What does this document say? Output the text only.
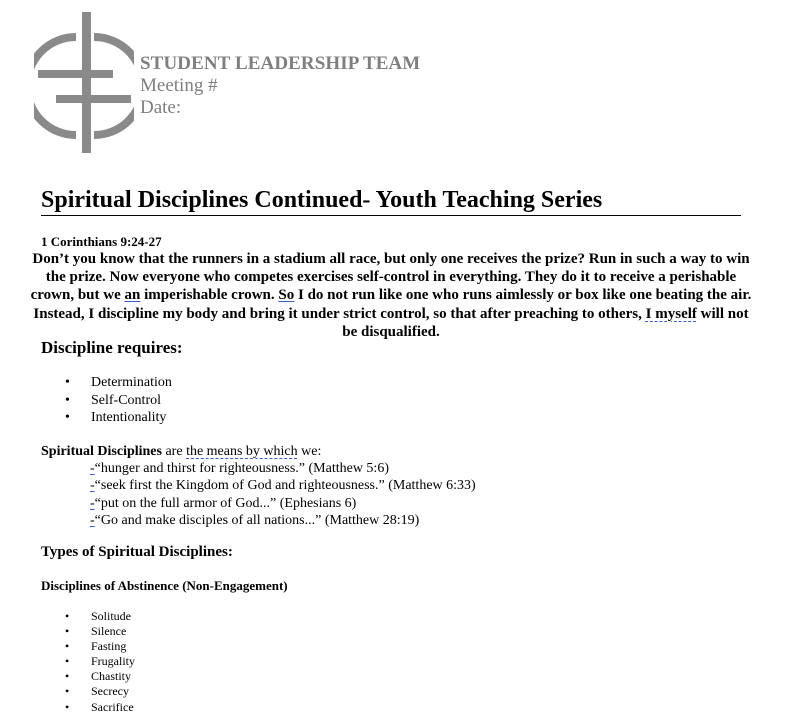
STUDENT LEADERSHIP TEAM
Meeting #
Date:
Spiritual Disciplines Continued- Youth Teaching Series
1 Corinthians 9:24-27
Don’t you know that the runners in a stadium all race, but only one receives the prize? Run in such a way to win the prize. Now everyone who competes exercises self-control in everything. They do it to receive a perishable crown, but we an imperishable crown. So I do not run like one who runs aimlessly or box like one beating the air. Instead, I discipline my body and bring it under strict control, so that after preaching to others, I myself will not be disqualified.
Discipline requires:
• Determination
• Self-Control
• Intentionality
Spiritual Disciplines are the means by which we:
-“hunger and thirst for righteousness.” (Matthew 5:6)
-“seek first the Kingdom of God and righteousness.” (Matthew 6:33)
-“put on the full armor of God...” (Ephesians 6)
-“Go and make disciples of all nations...” (Matthew 28:19)
Types of Spiritual Disciplines:
Disciplines of Abstinence (Non-Engagement)
• Solitude
• Silence
• Fasting
• Frugality
• Chastity
• Secrecy
• Sacrifice
